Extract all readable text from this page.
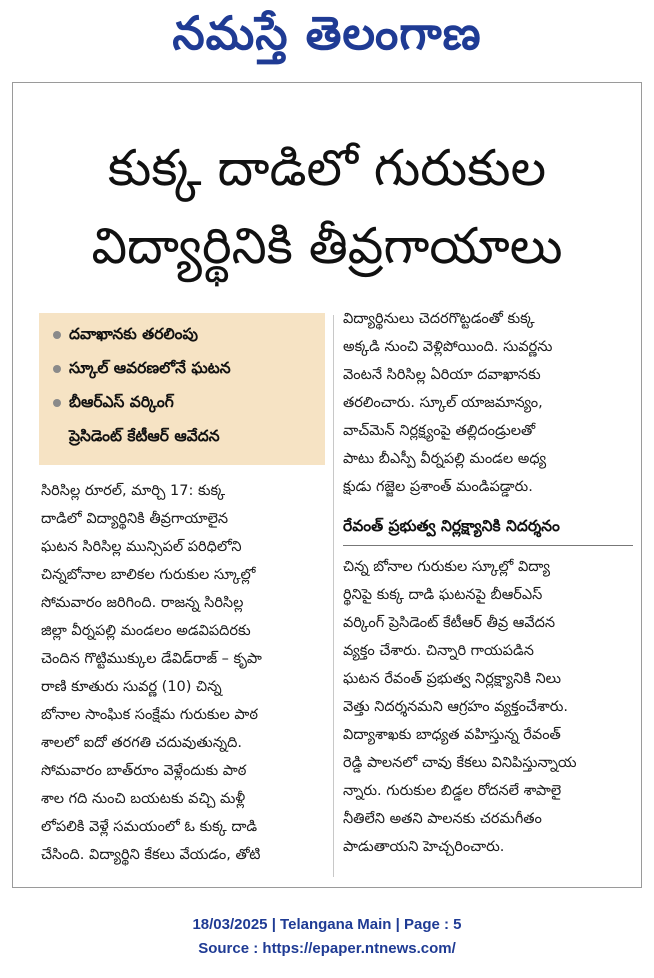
నమస్తే తెలంగాణ
కుక్క దాడిలో గురుకుల
విద్యార్థినికి తీవ్రగాయాలు
దవాఖానకు తరలింపు
స్కూల్ ఆవరణలోనే ఘటన
బీఆర్ఎస్ వర్కింగ్
ప్రెసిడెంట్ కేటీఆర్ ఆవేదన
సిరిసిల్ల రూరల్, మార్చి 17: కుక్క
దాడిలో విద్యార్థినికి తీవ్రగాయాలైన
ఘటన సిరిసిల్ల మున్సిపల్ పరిధిలోని
చిన్నబోనాల బాలికల గురుకుల స్కూల్లో
సోమవారం జరిగింది. రాజన్న సిరిసిల్ల
జిల్లా వీర్నపల్లి మండలం అడవిపదిరకు
చెందిన గొట్టిముక్కుల డేవిడ్‌రాజ్ – కృపా
రాణి కూతురు సువర్ణ (10) చిన్న
బోనాల సాంఘిక సంక్షేమ గురుకుల పాఠ
శాలలో ఐదో తరగతి చదువుతున్నది.
సోమవారం బాత్‌రూం వెళ్లేందుకు పాఠ
శాల గది నుంచి బయటకు వచ్చి మళ్లీ
లోపలికి వెళ్లే సమయంలో ఓ కుక్క దాడి
చేసింది. విద్యార్థిని కేకలు వేయడం, తోటి
విద్యార్థినులు చెదరగొట్టడంతో కుక్క
అక్కడి నుంచి వెళ్లిపోయింది. సువర్ణను
వెంటనే సిరిసిల్ల ఏరియా దవాఖానకు
తరలించారు. స్కూల్ యాజమాన్యం,
వాచ్‌మెన్ నిర్లక్ష్యంపై తల్లిదండ్రులతో
పాటు బీఎస్పీ వీర్నపల్లి మండల అధ్య
క్షుడు గజ్జెల ప్రశాంత్ మండిపడ్డారు.
రేవంత్ ప్రభుత్వ నిర్లక్ష్యానికి నిదర్శనం
చిన్న బోనాల గురుకుల స్కూల్లో విద్యా
ర్థినిపై కుక్క దాడి ఘటనపై బీఆర్ఎస్
వర్కింగ్ ప్రెసిడెంట్ కేటీఆర్ తీవ్ర ఆవేదన
వ్యక్తం చేశారు. చిన్నారి గాయపడిన
ఘటన రేవంత్ ప్రభుత్వ నిర్లక్ష్యానికి నిలు
వెత్తు నిదర్శనమని ఆగ్రహం వ్యక్తంచేశారు.
విద్యాశాఖకు బాధ్యత వహిస్తున్న రేవంత్
రెడ్డి పాలనలో చావు కేకలు వినిపిస్తున్నాయ
న్నారు. గురుకుల బిడ్డల రోదనలే శాపాలై
నీతిలేని అతని పాలనకు చరమగీతం
పాడుతాయని హెచ్చరించారు.
18/03/2025 | Telangana Main | Page : 5
Source : https://epaper.ntnews.com/
